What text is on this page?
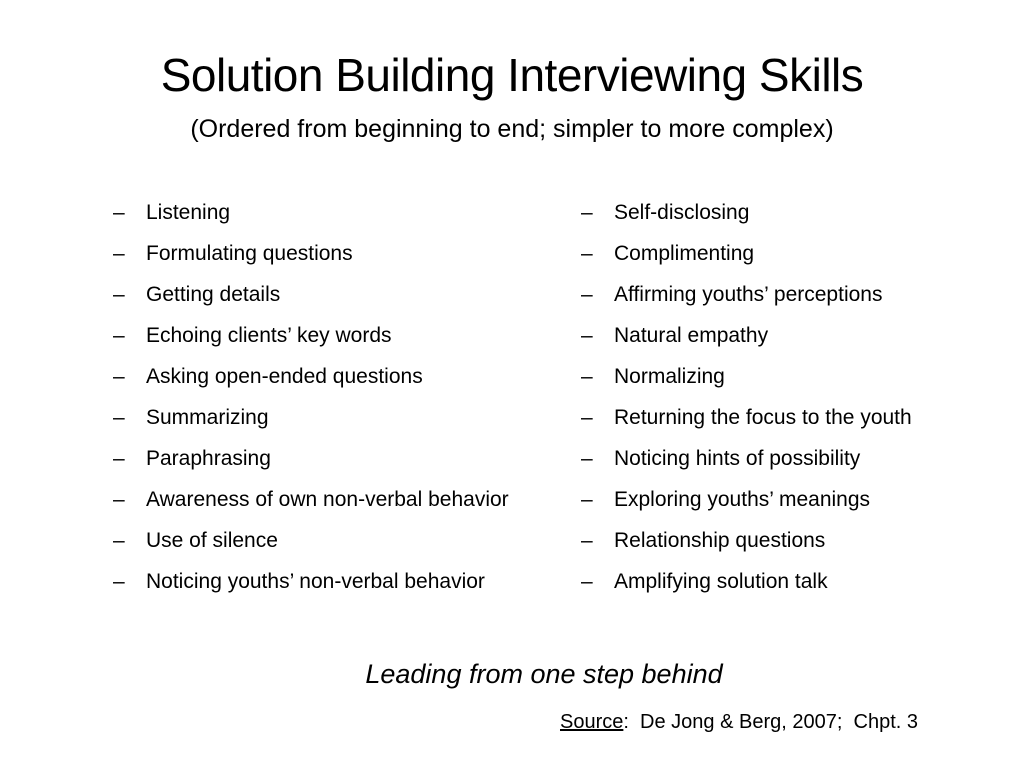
Solution Building Interviewing Skills
(Ordered from beginning to end; simpler to more complex)
– Listening
– Formulating questions
– Getting details
– Echoing clients’ key words
– Asking open-ended questions
– Summarizing
– Paraphrasing
– Awareness of own non-verbal behavior
– Use of silence
– Noticing youths’ non-verbal behavior
– Self-disclosing
– Complimenting
– Affirming youths’ perceptions
– Natural empathy
– Normalizing
– Returning the focus to the youth
– Noticing hints of possibility
– Exploring youths’ meanings
– Relationship questions
– Amplifying solution talk
Leading from one step behind
Source:  De Jong & Berg, 2007;  Chpt. 3
